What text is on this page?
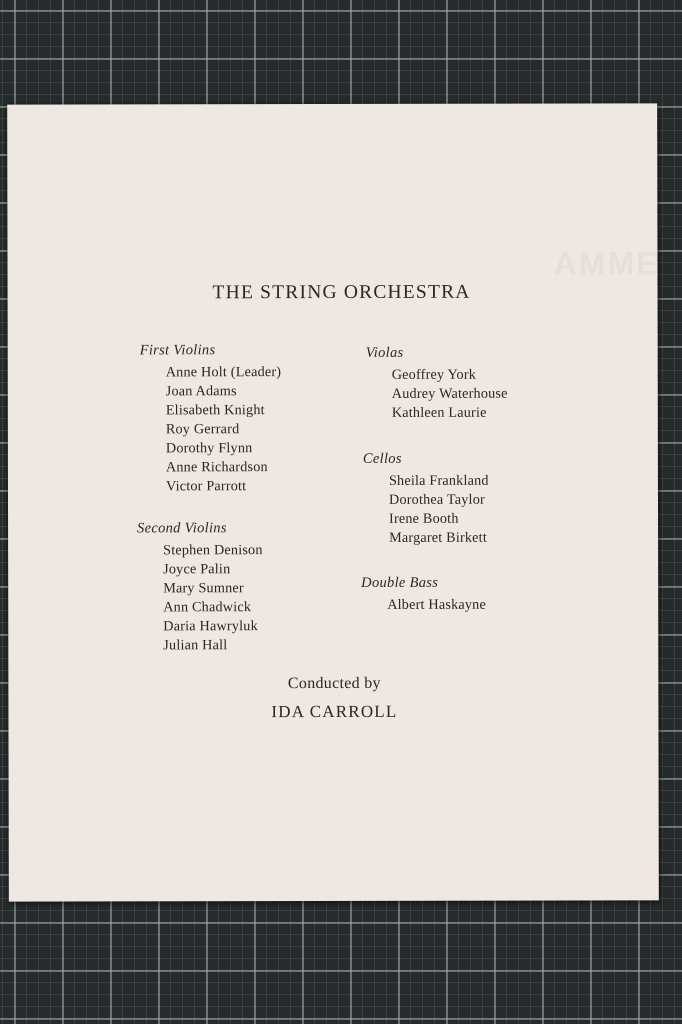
AMME
THE STRING ORCHESTRA
First Violins
Anne Holt (Leader)
Joan Adams
Elisabeth Knight
Roy Gerrard
Dorothy Flynn
Anne Richardson
Victor Parrott
Second Violins
Stephen Denison
Joyce Palin
Mary Sumner
Ann Chadwick
Daria Hawryluk
Julian Hall
Violas
Geoffrey York
Audrey Waterhouse
Kathleen Laurie
Cellos
Sheila Frankland
Dorothea Taylor
Irene Booth
Margaret Birkett
Double Bass
Albert Haskayne
Conducted by
IDA CARROLL
